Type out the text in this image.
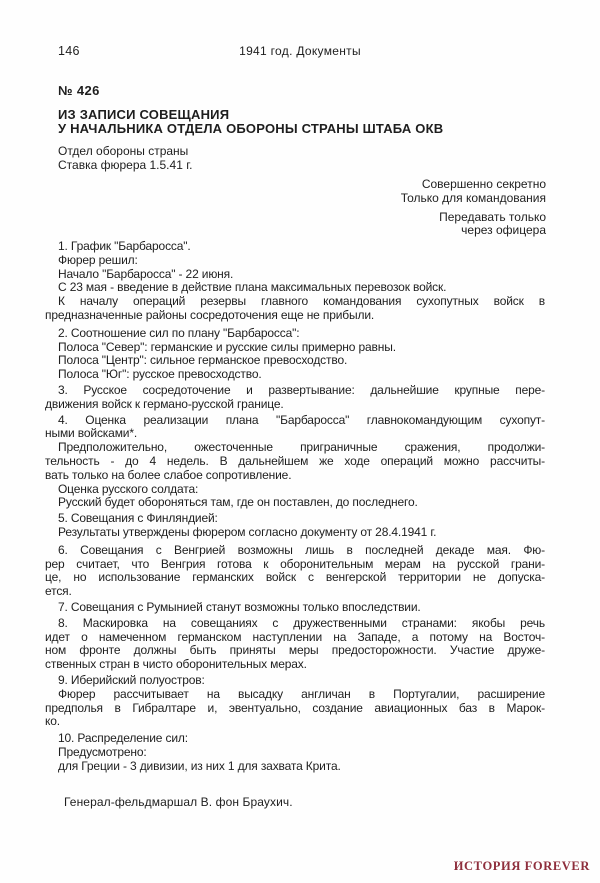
146	1941 год. Документы
№ 426
ИЗ ЗАПИСИ СОВЕЩАНИЯ
У НАЧАЛЬНИКА ОТДЕЛА ОБОРОНЫ СТРАНЫ ШТАБА ОКВ
Отдел обороны страны
Ставка фюрера 1.5.41 г.
Совершенно секретно
Только для командования
Передавать только
через офицера
1. График "Барбаросса".
Фюрер решил:
Начало "Барбаросса" - 22 июня.
С 23 мая - введение в действие плана максимальных перевозок войск.
К началу операций резервы главного командования сухопутных войск в
предназначенные районы сосредоточения еще не прибыли.
2. Соотношение сил по плану "Барбаросса":
Полоса "Север": германские и русские силы примерно равны.
Полоса "Центр": сильное германское превосходство.
Полоса "Юг": русское превосходство.
3. Русское сосредоточение и развертывание: дальнейшие крупные пере-
движения войск к германо-русской границе.
4. Оценка реализации плана "Барбаросса" главнокомандующим сухопут-
ными войсками*.
Предположительно, ожесточенные приграничные сражения, продолжи-
тельность - до 4 недель. В дальнейшем же ходе операций можно рассчиты-
вать только на более слабое сопротивление.
Оценка русского солдата:
Русский будет обороняться там, где он поставлен, до последнего.
5. Совещания с Финляндией:
Результаты утверждены фюрером согласно документу от 28.4.1941 г.
6. Совещания с Венгрией возможны лишь в последней декаде мая. Фю-
рер считает, что Венгрия готова к оборонительным мерам на русской грани-
це, но использование германских войск с венгерской территории не допуска-
ется.
7. Совещания с Румынией станут возможны только впоследствии.
8. Маскировка на совещаниях с дружественными странами: якобы речь
идет о намеченном германском наступлении на Западе, а потому на Восточ-
ном фронте должны быть приняты меры предосторожности. Участие друже-
ственных стран в чисто оборонительных мерах.
9. Иберийский полуостров:
Фюрер рассчитывает на высадку англичан в Португалии, расширение
предполья в Гибралтаре и, эвентуально, создание авиационных баз в Марок-
ко.
10. Распределение сил:
Предусмотрено:
для Греции - 3 дивизии, из них 1 для захвата Крита.
Генерал-фельдмаршал В. фон Браухич.
ИСТОРИЯ FOREVER
